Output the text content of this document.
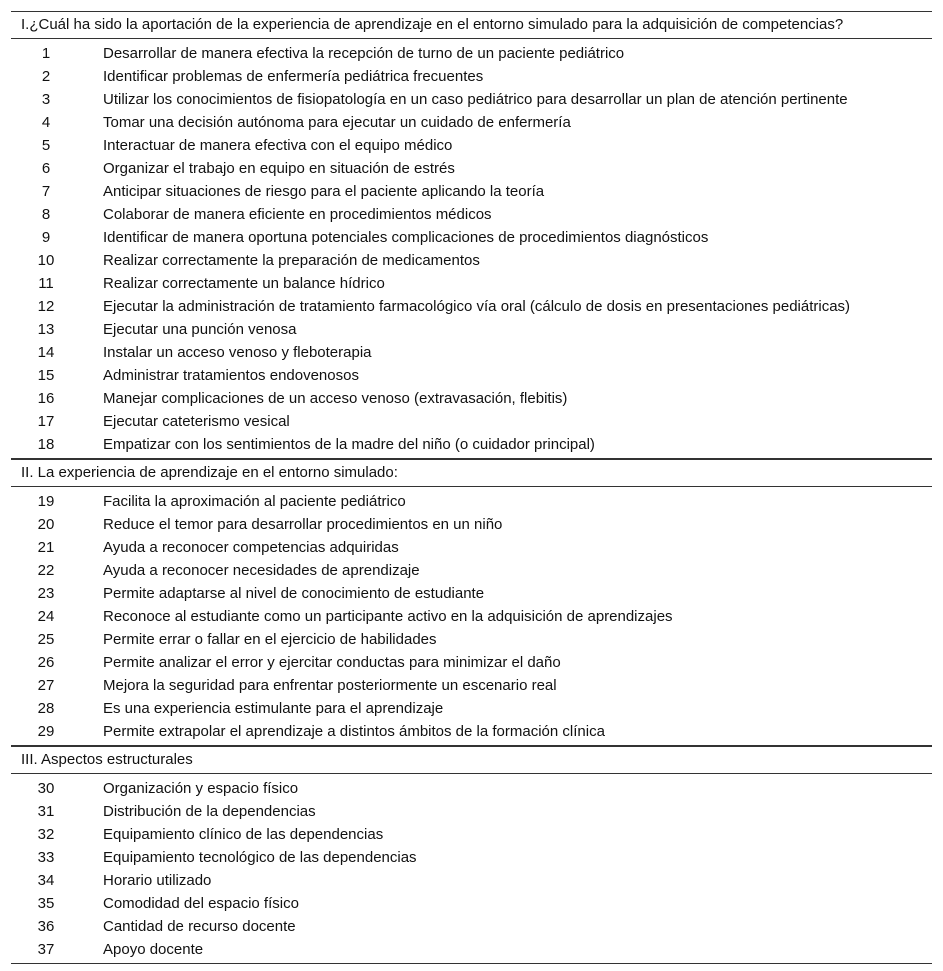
I.¿Cuál ha sido la aportación de la experiencia de aprendizaje en el entorno simulado para la adquisición de competencias?
1	Desarrollar de manera efectiva la recepción de turno de un paciente pediátrico
2	Identificar problemas de enfermería pediátrica frecuentes
3	Utilizar los conocimientos de fisiopatología en un caso pediátrico para desarrollar un plan de atención pertinente
4	Tomar una decisión autónoma para ejecutar un cuidado de enfermería
5	Interactuar de manera efectiva con el equipo médico
6	Organizar el trabajo en equipo en situación de estrés
7	Anticipar situaciones de riesgo para el paciente aplicando la teoría
8	Colaborar de manera eficiente en procedimientos médicos
9	Identificar de manera oportuna potenciales complicaciones de procedimientos diagnósticos
10	Realizar correctamente la preparación de medicamentos
11	Realizar correctamente un balance hídrico
12	Ejecutar la administración de tratamiento farmacológico vía oral (cálculo de dosis en presentaciones pediátricas)
13	Ejecutar una punción venosa
14	Instalar un acceso venoso y fleboterapia
15	Administrar tratamientos endovenosos
16	Manejar complicaciones de un acceso venoso (extravasación, flebitis)
17	Ejecutar cateterismo vesical
18	Empatizar con los sentimientos de la madre del niño (o cuidador principal)
II. La experiencia de aprendizaje en el entorno simulado:
19	Facilita la aproximación al paciente pediátrico
20	Reduce el temor para desarrollar procedimientos en un niño
21	Ayuda a reconocer competencias adquiridas
22	Ayuda a reconocer necesidades de aprendizaje
23	Permite adaptarse al nivel de conocimiento de estudiante
24	Reconoce al estudiante como un participante activo en la adquisición de aprendizajes
25	Permite errar o fallar en el ejercicio de habilidades
26	Permite analizar el error y ejercitar conductas para minimizar el daño
27	Mejora la seguridad para enfrentar posteriormente un escenario real
28	Es una experiencia estimulante para el aprendizaje
29	Permite extrapolar el aprendizaje a distintos ámbitos de la formación clínica
III. Aspectos estructurales
30	Organización y espacio físico
31	Distribución de la dependencias
32	Equipamiento clínico de las dependencias
33	Equipamiento tecnológico de las dependencias
34	Horario utilizado
35	Comodidad del espacio físico
36	Cantidad de recurso docente
37	Apoyo docente
